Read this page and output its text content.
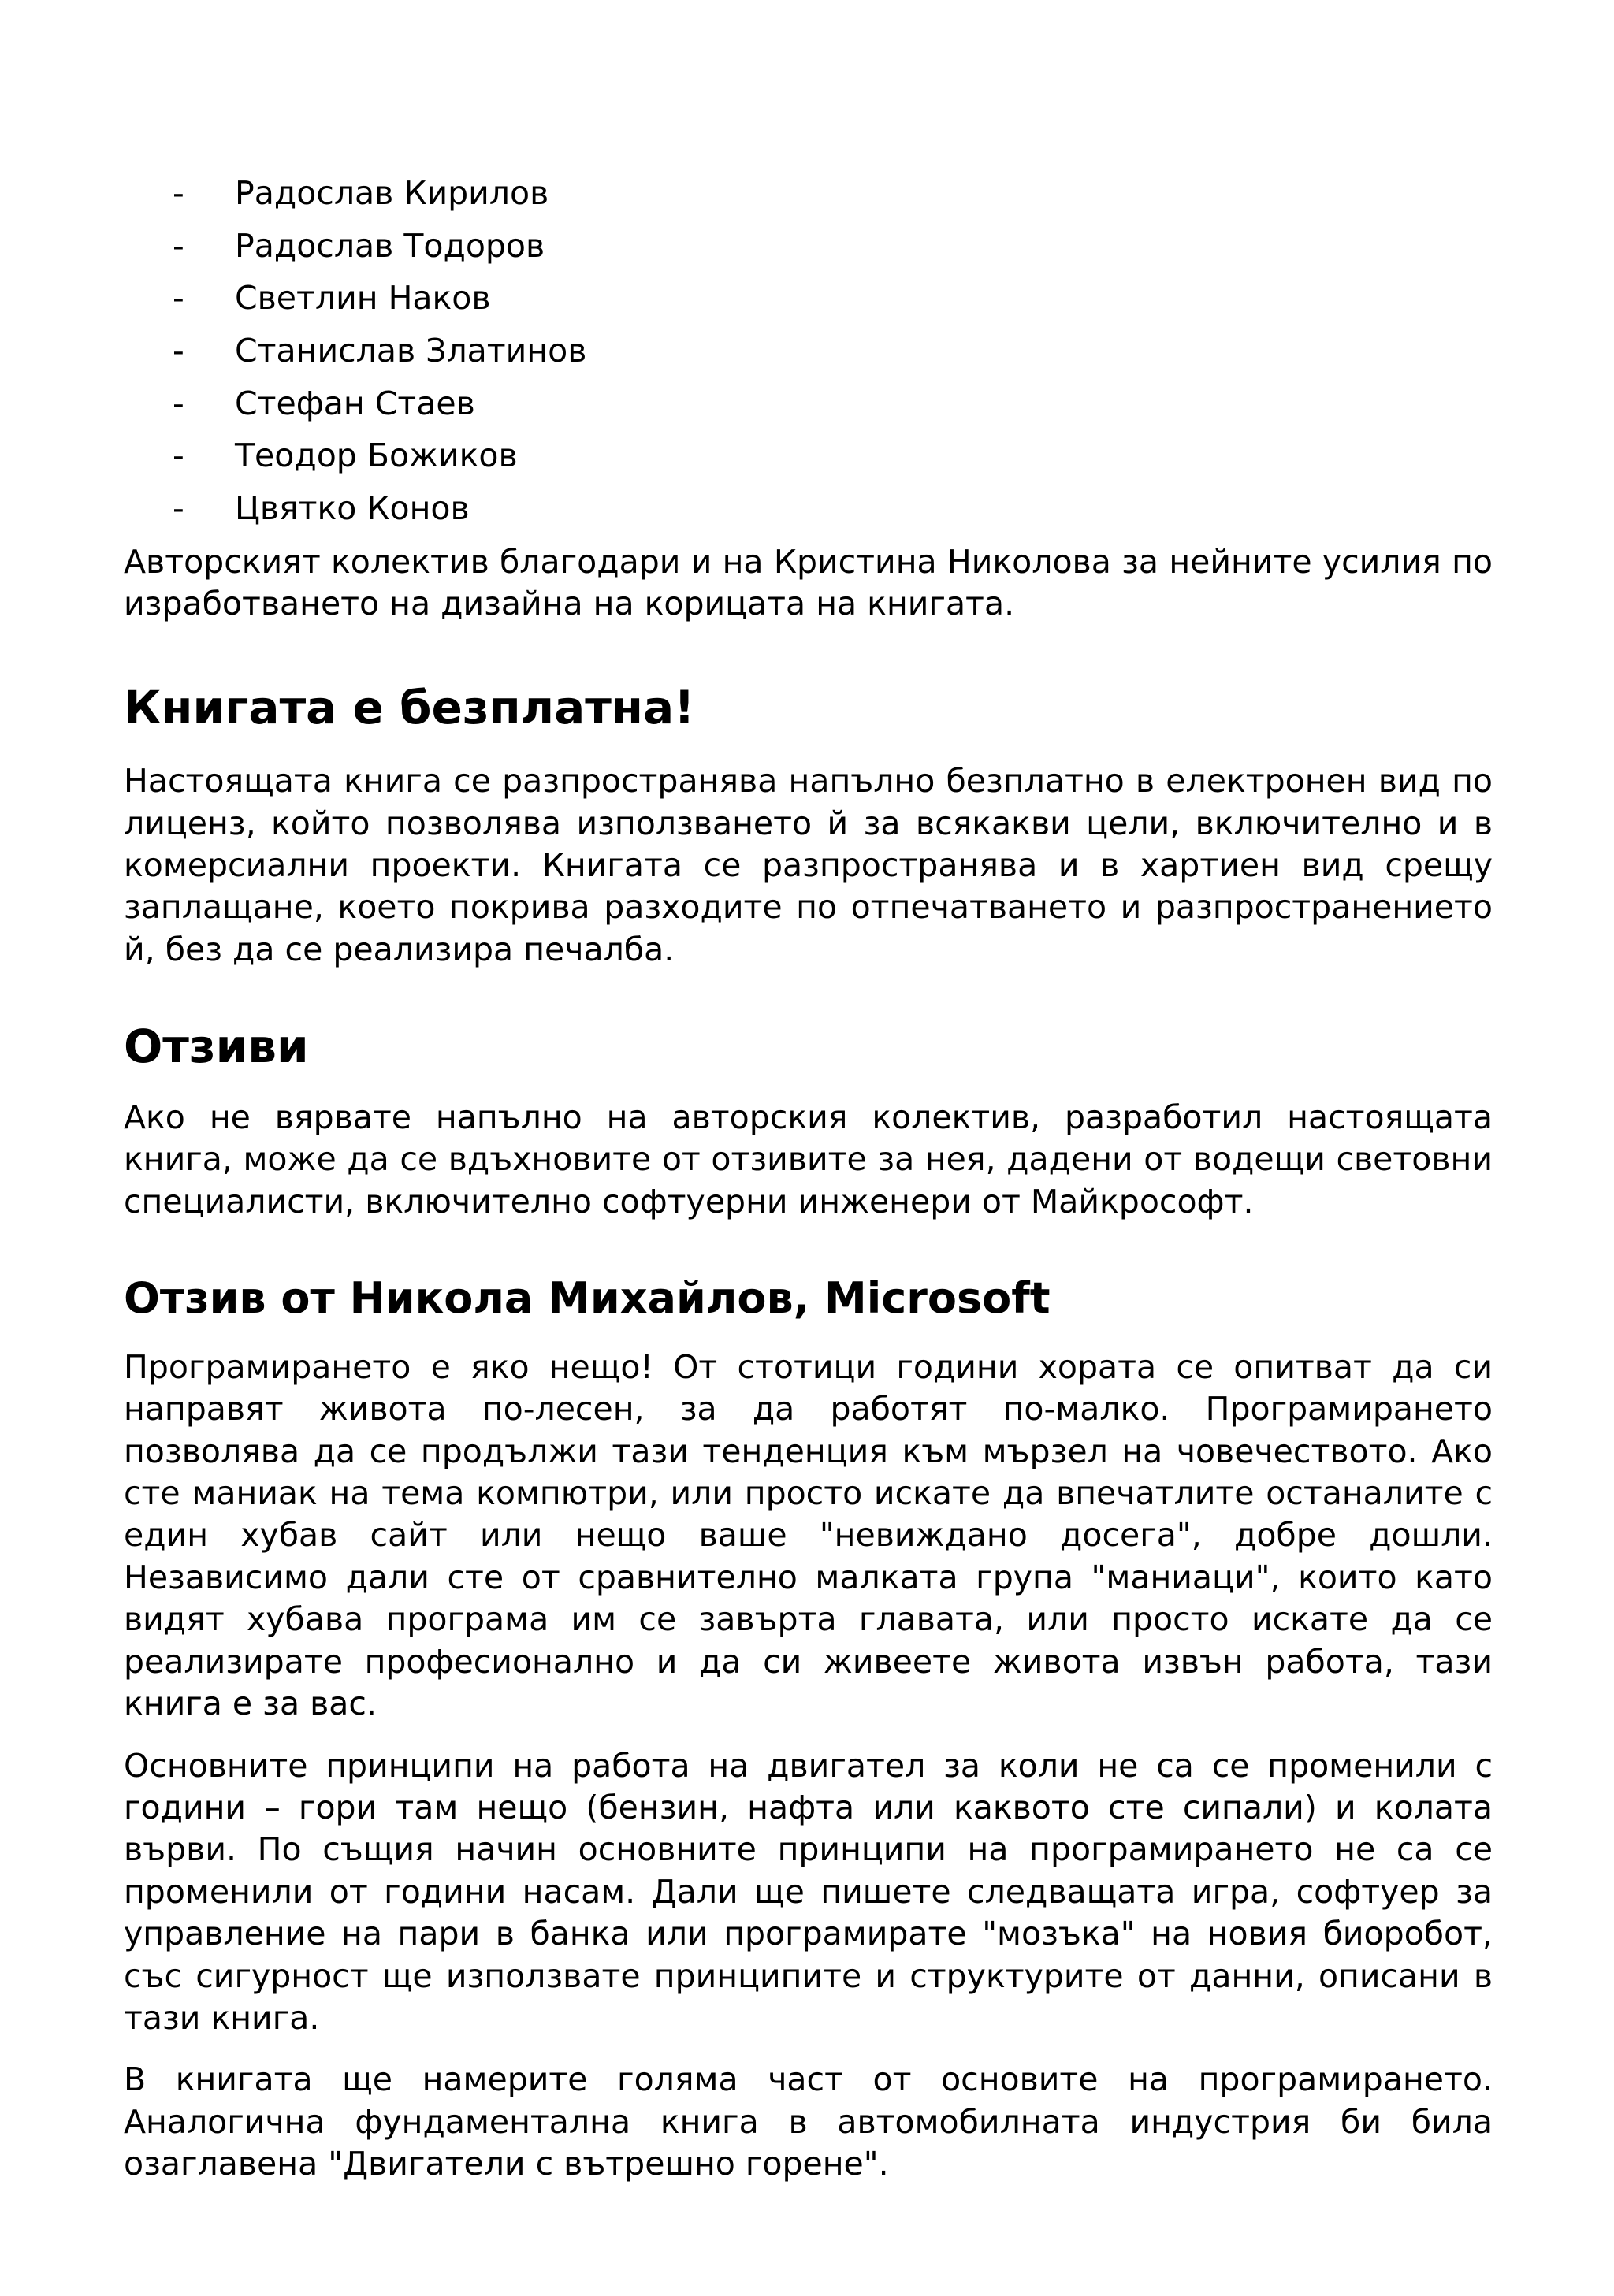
- Радослав Кирилов
- Радослав Тодоров
- Светлин Наков
- Станислав Златинов
- Стефан Стаев
- Теодор Божиков
- Цвятко Конов

Авторският колектив благодари и на Кристина Николова за нейните усилия по изработването на дизайна на корицата на книгата.

Книгата е безплатна!

Настоящата книга се разпространява напълно безплатно в електронен вид по лиценз, който позволява използването й за всякакви цели, включително и в комерсиални проекти. Книгата се разпространява и в хартиен вид срещу заплащане, което покрива разходите по отпечатването и разпространението й, без да се реализира печалба.

Отзиви

Ако не вярвате напълно на авторския колектив, разработил настоящата книга, може да се вдъхновите от отзивите за нея, дадени от водещи световни специалисти, включително софтуерни инженери от Майкрософт.

Отзив от Никола Михайлов, Microsoft

Програмирането е яко нещо! От стотици години хората се опитват да си направят живота по-лесен, за да работят по-малко. Програмирането позволява да се продължи тази тенденция към мързел на човечеството. Ако сте маниак на тема компютри, или просто искате да впечатлите останалите с един хубав сайт или нещо ваше "невиждано досега", добре дошли. Независимо дали сте от сравнително малката група "маниаци", които като видят хубава програма им се завърта главата, или просто искате да се реализирате професионално и да си живеете живота извън работа, тази книга е за вас.

Основните принципи на работа на двигател за коли не са се променили с години – гори там нещо (бензин, нафта или каквото сте сипали) и колата върви. По същия начин основните принципи на програмирането не са се променили от години насам. Дали ще пишете следващата игра, софтуер за управление на пари в банка или програмирате "мозъка" на новия биоробот, със сигурност ще използвате принципите и структурите от данни, описани в тази книга.

В книгата ще намерите голяма част от основите на програмирането. Аналогична фундаментална книга в автомобилната индустрия би била озаглавена "Двигатели с вътрешно горене".
